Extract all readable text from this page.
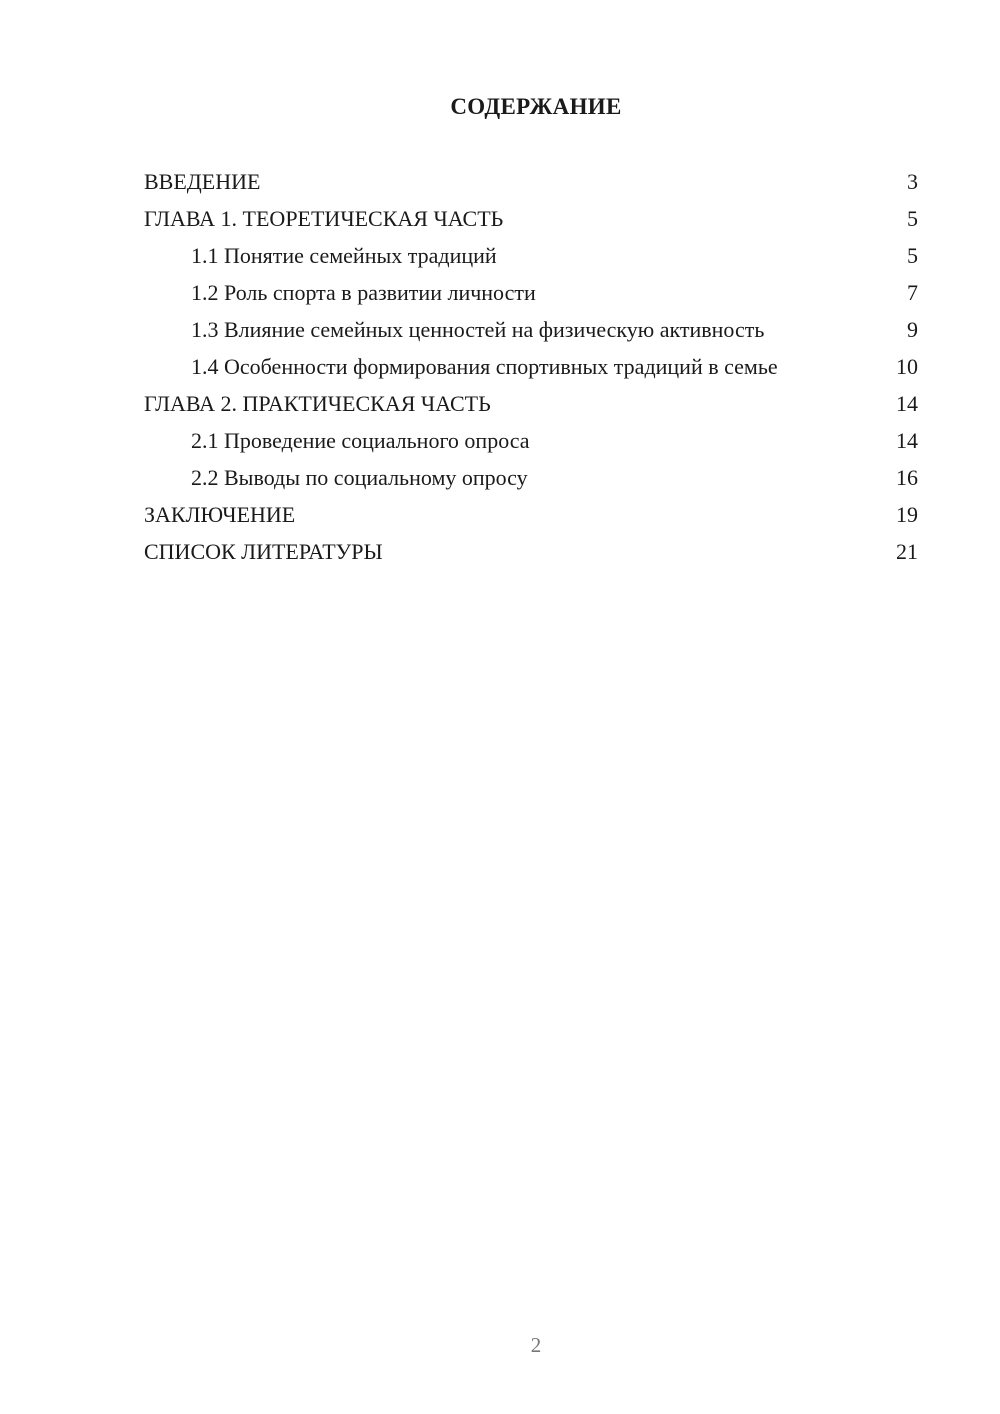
СОДЕРЖАНИЕ
ВВЕДЕНИЕ	3
ГЛАВА 1. ТЕОРЕТИЧЕСКАЯ ЧАСТЬ	5
1.1 Понятие семейных традиций	5
1.2 Роль спорта в развитии личности	7
1.3 Влияние семейных ценностей на физическую активность	9
1.4 Особенности формирования спортивных традиций в семье	10
ГЛАВА 2. ПРАКТИЧЕСКАЯ ЧАСТЬ	14
2.1 Проведение социального опроса	14
2.2 Выводы по социальному опросу	16
ЗАКЛЮЧЕНИЕ	19
СПИСОК ЛИТЕРАТУРЫ	21
2
